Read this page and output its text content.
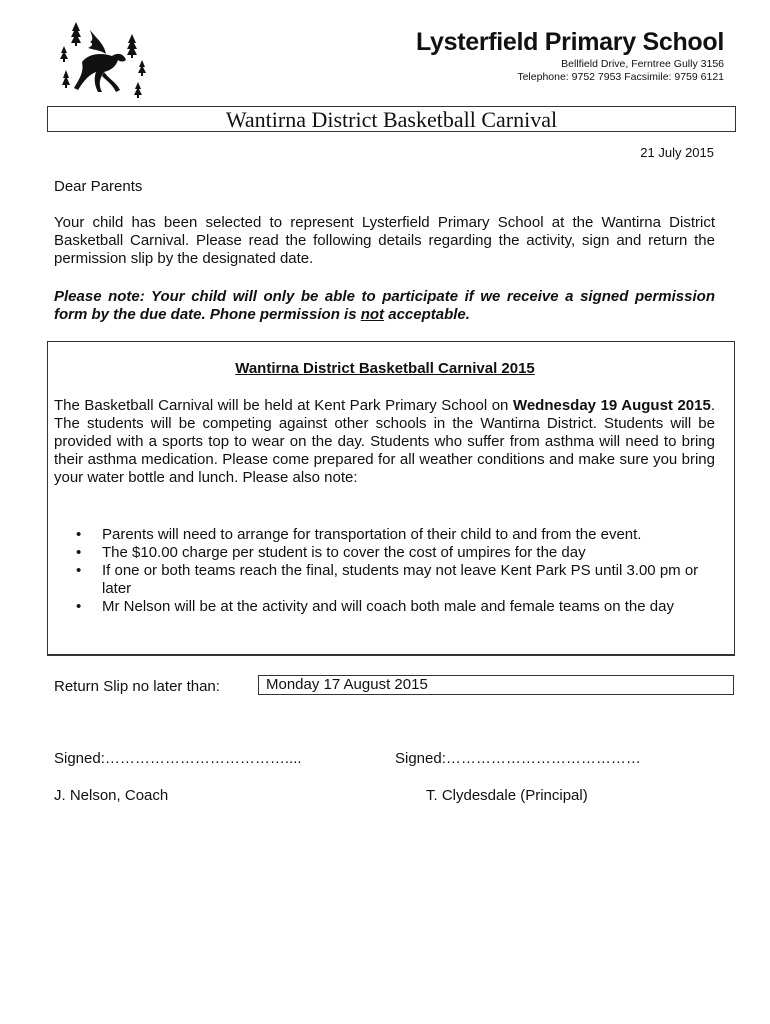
Lysterfield Primary School
Bellfield Drive, Ferntree Gully 3156
Telephone: 9752 7953 Facsimile: 9759 6121
Wantirna District Basketball Carnival
21 July 2015
Dear Parents
Your child has been selected to represent Lysterfield Primary School at the Wantirna District Basketball Carnival. Please read the following details regarding the activity, sign and return the permission slip by the designated date.
Please note: Your child will only be able to participate if we receive a signed permission form by the due date. Phone permission is not acceptable.
Wantirna District Basketball Carnival 2015
The Basketball Carnival will be held at Kent Park Primary School on Wednesday 19 August 2015. The students will be competing against other schools in the Wantirna District. Students will be provided with a sports top to wear on the day. Students who suffer from asthma will need to bring their asthma medication. Please come prepared for all weather conditions and make sure you bring your water bottle and lunch. Please also note:
• Parents will need to arrange for transportation of their child to and from the event.
• The $10.00 charge per student is to cover the cost of umpires for the day
• If one or both teams reach the final, students may not leave Kent Park PS until 3.00 pm or later
• Mr Nelson will be at the activity and will coach both male and female teams on the day
Return Slip no later than:	Monday 17 August 2015
Signed:………………………………....	Signed:…………………………………
J. Nelson, Coach	T. Clydesdale (Principal)
